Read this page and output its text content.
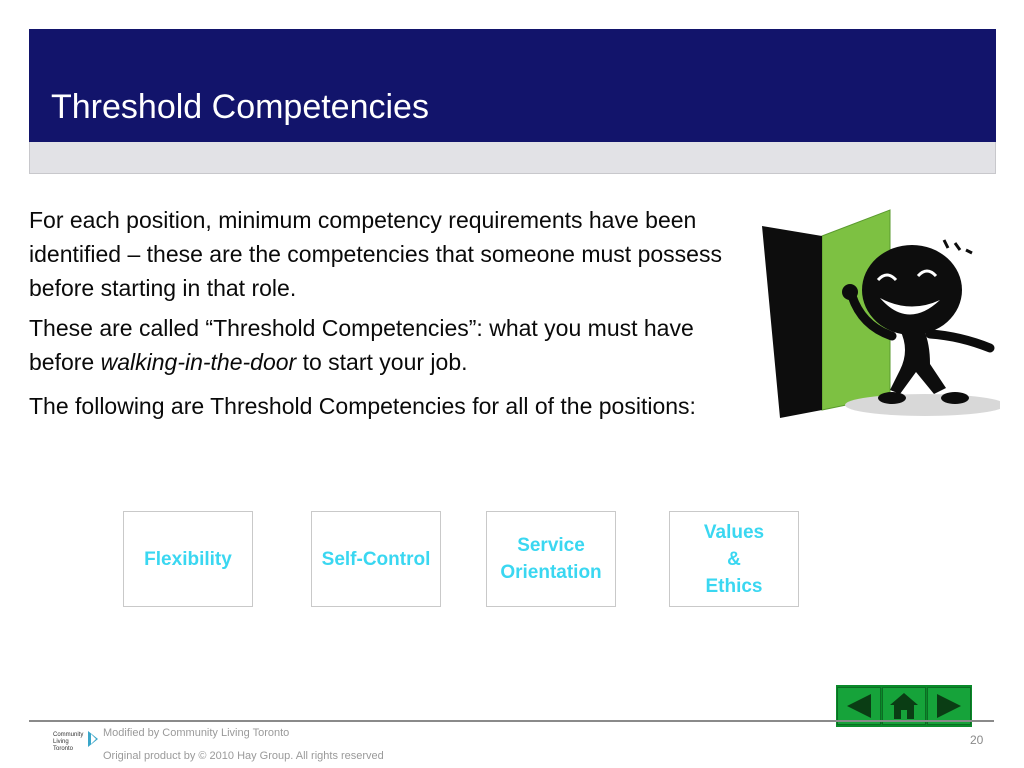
Threshold Competencies

For each position, minimum competency requirements have been identified – these are the competencies that someone must possess before starting in that role.

These are called “Threshold Competencies”: what you must have before walking-in-the-door to start your job.

The following are Threshold Competencies for all of the positions:

Flexibility	Self-Control
Service
Orientation
Values
&
Ethics
Community
Living
Toronto
Modified by Community Living Toronto
Original product by © 2010 Hay Group. All rights reserved
20
